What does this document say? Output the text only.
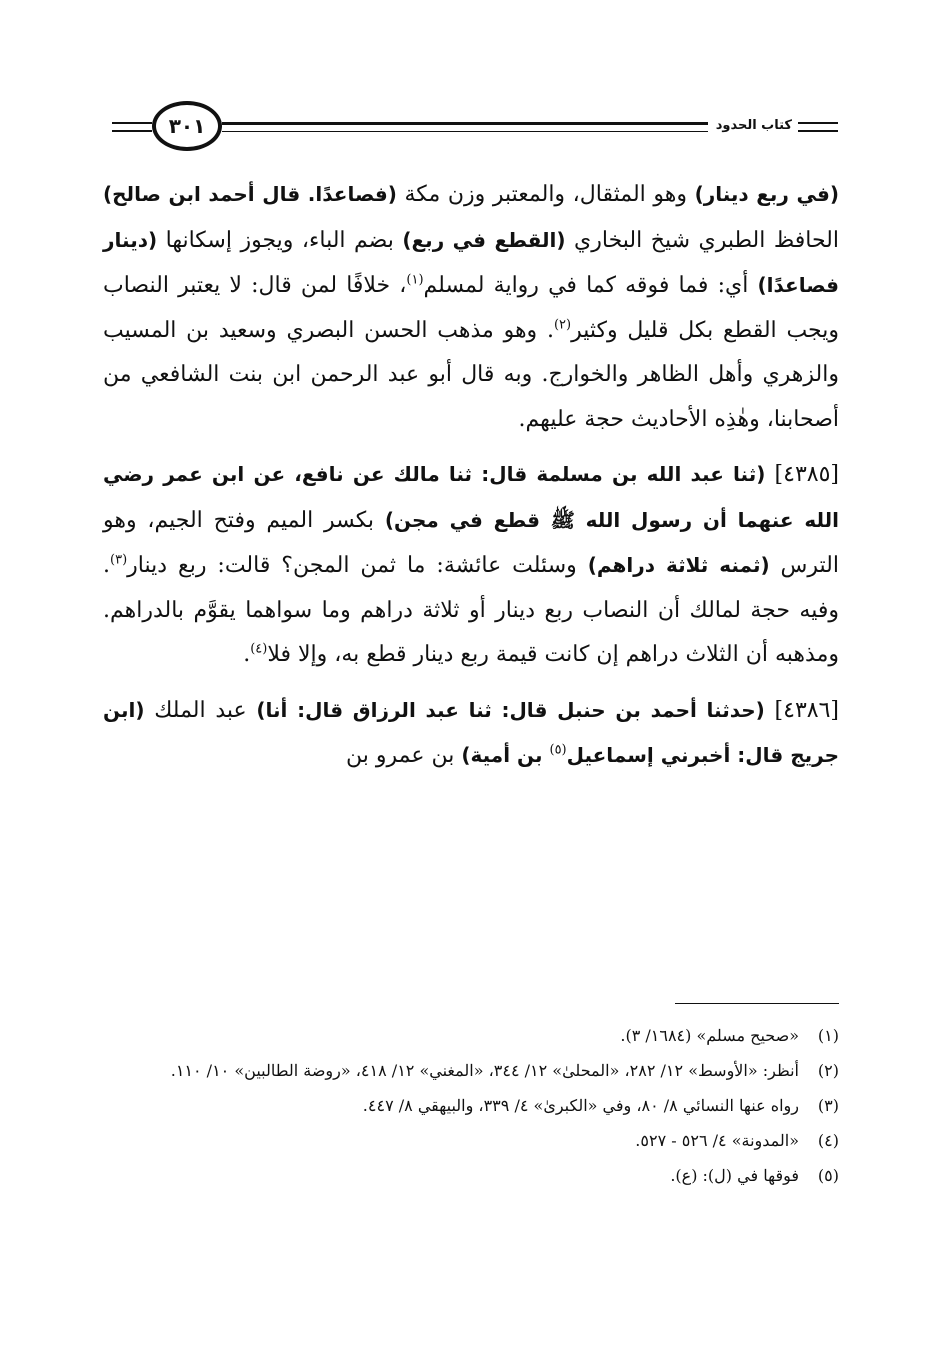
كتاب الحدود
٣٠١

(في ربع دينار) وهو المثقال، والمعتبر وزن مكة (فصاعدًا. قال أحمد ابن صالح) الحافظ الطبري شيخ البخاري (القطع في ربع) بضم الباء، ويجوز إسكانها (دينار فصاعدًا) أي: فما فوقه كما في رواية لمسلم$^{(١)}$، خلافًا لمن قال: لا يعتبر النصاب ويجب القطع بكل قليل وكثير$^{(٢)}$. وهو مذهب الحسن البصري وسعيد بن المسيب والزهري وأهل الظاهر والخوارج. وبه قال أبو عبد الرحمن ابن بنت الشافعي من أصحابنا، وهٰذِه الأحاديث حجة عليهم.

[٤٣٨٥] (ثنا عبد الله بن مسلمة قال: ثنا مالك عن نافع، عن ابن عمر رضي الله عنهما أن رسول الله ﷺ قطع في مجن) بكسر الميم وفتح الجيم، وهو الترس (ثمنه ثلاثة دراهم) وسئلت عائشة: ما ثمن المجن؟ قالت: ربع دينار$^{(٣)}$. وفيه حجة لمالك أن النصاب ربع دينار أو ثلاثة دراهم وما سواهما يقوَّم بالدراهم. ومذهبه أن الثلاث دراهم إن كانت قيمة ربع دينار قطع به، وإلا فلا$^{(٤)}$.

[٤٣٨٦] (حدثنا أحمد بن حنبل قال: ثنا عبد الرزاق قال: أنا) عبد الملك (ابن جريج قال: أخبرني إسماعيل$^{(٥)}$ بن أمية) بن عمرو بن

(١)
«صحيح مسلم» (١٦٨٤/ ٣).
(٢)
أنظر: «الأوسط» ١٢/ ٢٨٢، «المحلىٰ» ١٢/ ٣٤٤، «المغني» ١٢/ ٤١٨، «روضة الطالبين» ١٠/ ١١٠.
(٣)
رواه عنها النسائي ٨/ ٨٠، وفي «الكبرىٰ» ٤/ ٣٣٩، والبيهقي ٨/ ٤٤٧.
(٤)
«المدونة» ٤/ ٥٢٦ - ٥٢٧.
(٥)
فوقها في (ل): (ع).
